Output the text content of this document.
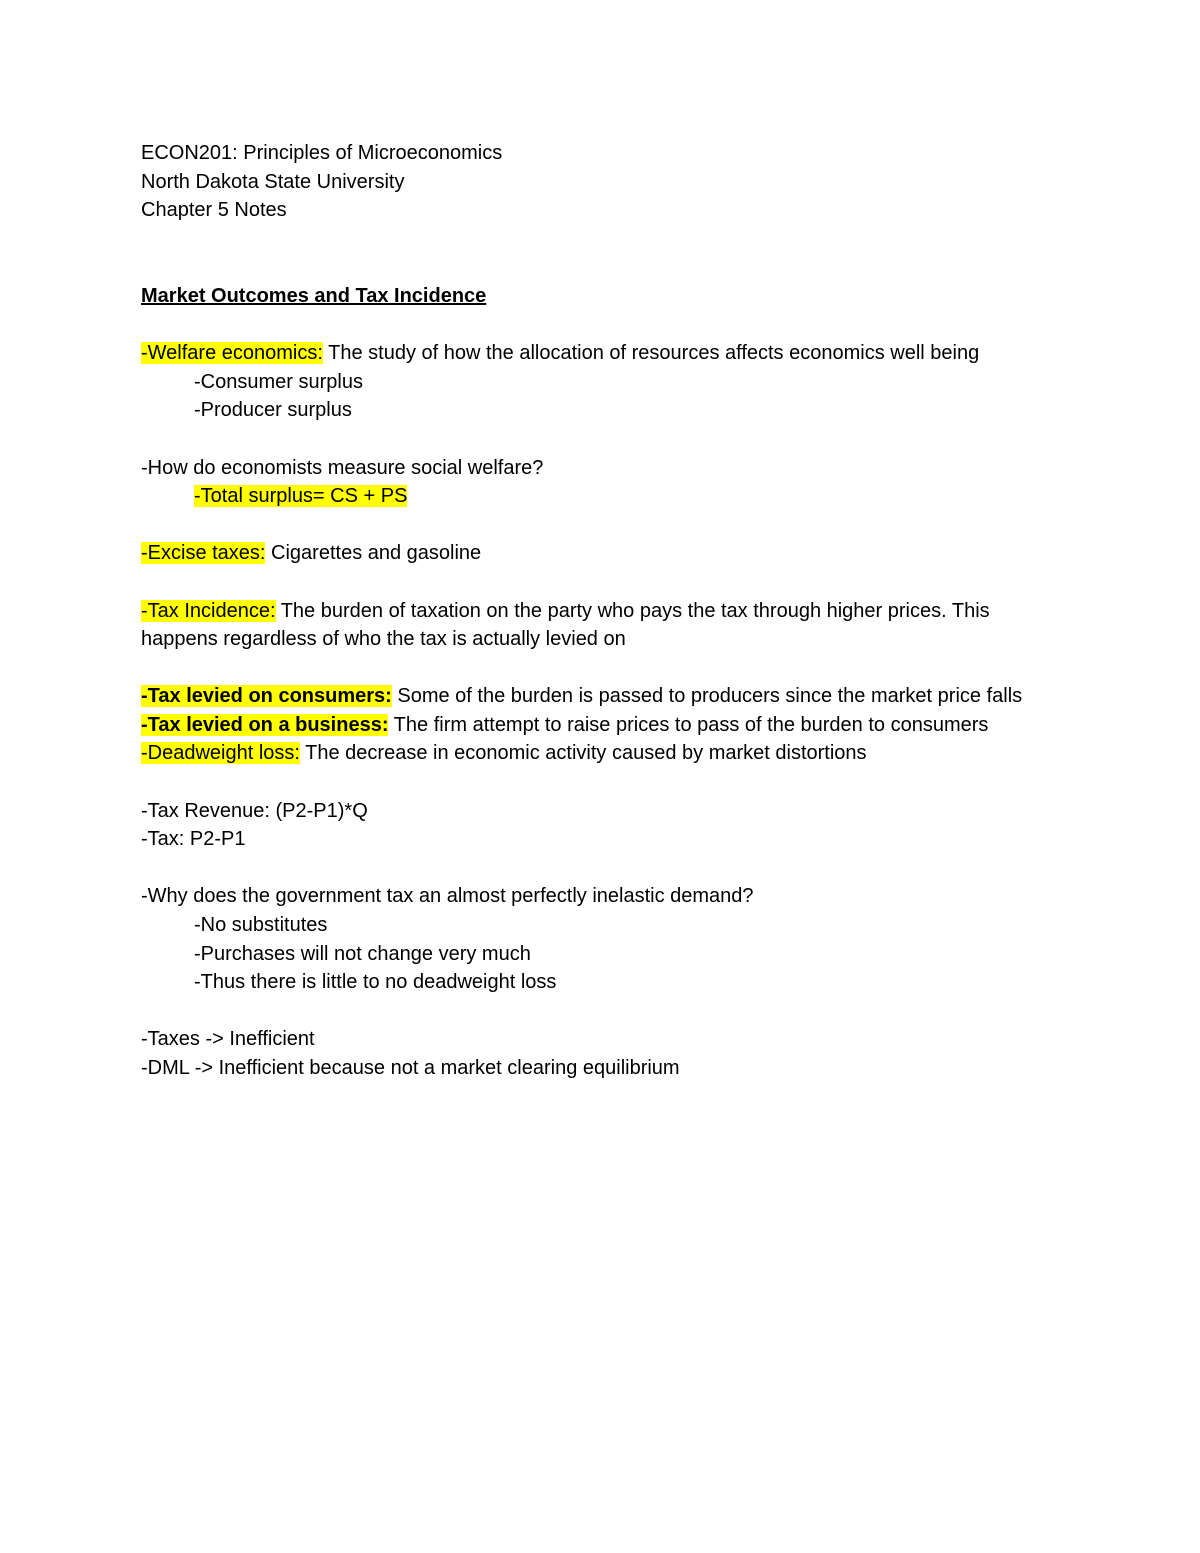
ECON201: Principles of Microeconomics

North Dakota State University

Chapter 5 Notes

Market Outcomes and Tax Incidence

-Welfare economics: The study of how the allocation of resources affects economics well being

-Consumer surplus

-Producer surplus

-How do economists measure social welfare?

-Total surplus= CS + PS

-Excise taxes: Cigarettes and gasoline

-Tax Incidence: The burden of taxation on the party who pays the tax through higher prices. This happens regardless of who the tax is actually levied on

-Tax levied on consumers: Some of the burden is passed to producers since the market price falls

-Tax levied on a business: The firm attempt to raise prices to pass of the burden to consumers

-Deadweight loss: The decrease in economic activity caused by market distortions

-Tax Revenue: (P2-P1)*Q

-Tax: P2-P1

-Why does the government tax an almost perfectly inelastic demand?

-No substitutes

-Purchases will not change very much

-Thus there is little to no deadweight loss

-Taxes -> Inefficient

-DML -> Inefficient because not a market clearing equilibrium
